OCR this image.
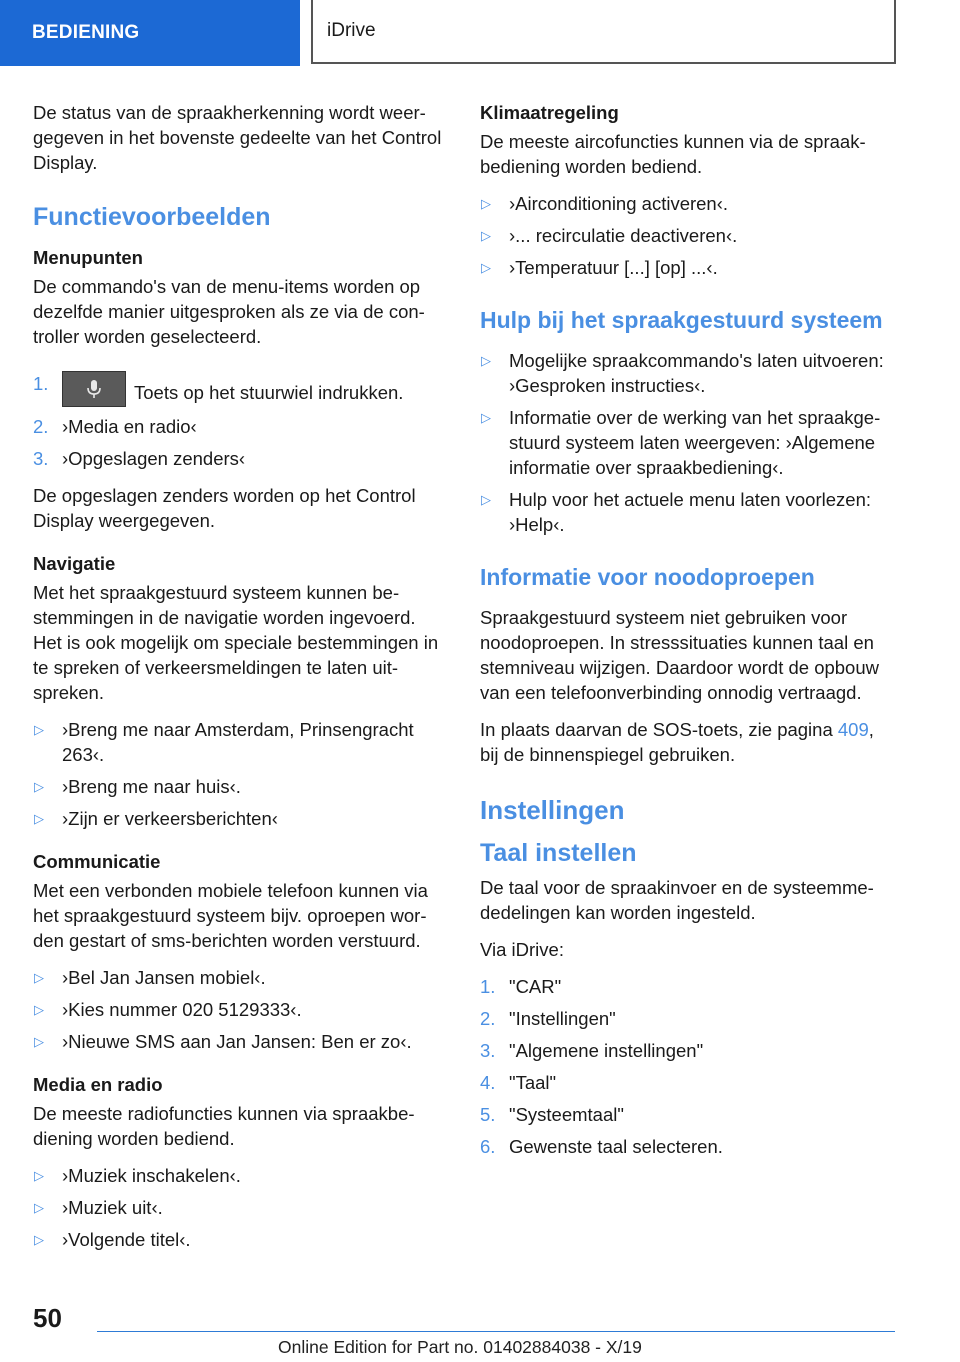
BEDIENING	iDrive

De status van de spraakherkenning wordt weergegeven in het bovenste gedeelte van het Control Display.

Functievoorbeelden
Menupunten

De commando's van de menu-items worden op dezelfde manier uitgesproken als ze via de controller worden geselecteerd.

1.	Toets op het stuurwiel indrukken.
2. ›Media en radio‹
3. ›Opgeslagen zenders‹

De opgeslagen zenders worden op het Control Display weergegeven.

Navigatie

Met het spraakgestuurd systeem kunnen bestemmingen in de navigatie worden ingevoerd. Het is ook mogelijk om speciale bestemmingen in te spreken of verkeersmeldingen te laten uitspreken.

▷ ›Breng me naar Amsterdam, Prinsengracht 263‹.
▷ ›Breng me naar huis‹.
▷ ›Zijn er verkeersberichten‹
Communicatie

Met een verbonden mobiele telefoon kunnen via het spraakgestuurd systeem bijv. oproepen worden gestart of sms-berichten worden verstuurd.

▷ ›Bel Jan Jansen mobiel‹.
▷ ›Kies nummer 020 5129333‹.
▷ ›Nieuwe SMS aan Jan Jansen: Ben er zo‹.
Media en radio

De meeste radiofuncties kunnen via spraakbediening worden bediend.

▷ ›Muziek inschakelen‹.
▷ ›Muziek uit‹.
▷ ›Volgende titel‹.
Klimaatregeling

De meeste aircofuncties kunnen via de spraakbediening worden bediend.

▷ ›Airconditioning activeren‹.
▷ ›... recirculatie deactiveren‹.
▷ ›Temperatuur [...] [op] ...‹.
Hulp bij het spraakgestuurd systeem
▷ Mogelijke spraakcommando's laten uitvoeren: ›Gesproken instructies‹.
▷ Informatie over de werking van het spraakgestuurd systeem laten weergeven: ›Algemene informatie over spraakbediening‹.
▷ Hulp voor het actuele menu laten voorlezen: ›Help‹.
Informatie voor noodoproepen

Spraakgestuurd systeem niet gebruiken voor noodoproepen. In stresssituaties kunnen taal en stemniveau wijzigen. Daardoor wordt de opbouw van een telefoonverbinding onnodig vertraagd.

In plaats daarvan de SOS-toets, zie pagina 409, bij de binnenspiegel gebruiken.

Instellingen
Taal instellen

De taal voor de spraakinvoer en de systeemmededelingen kan worden ingesteld.

Via iDrive:

1. "CAR"
2. "Instellingen"
3. "Algemene instellingen"
4. "Taal"
5. "Systeemtaal"
6. Gewenste taal selecteren.
50
Online Edition for Part no. 01402884038 - X/19
